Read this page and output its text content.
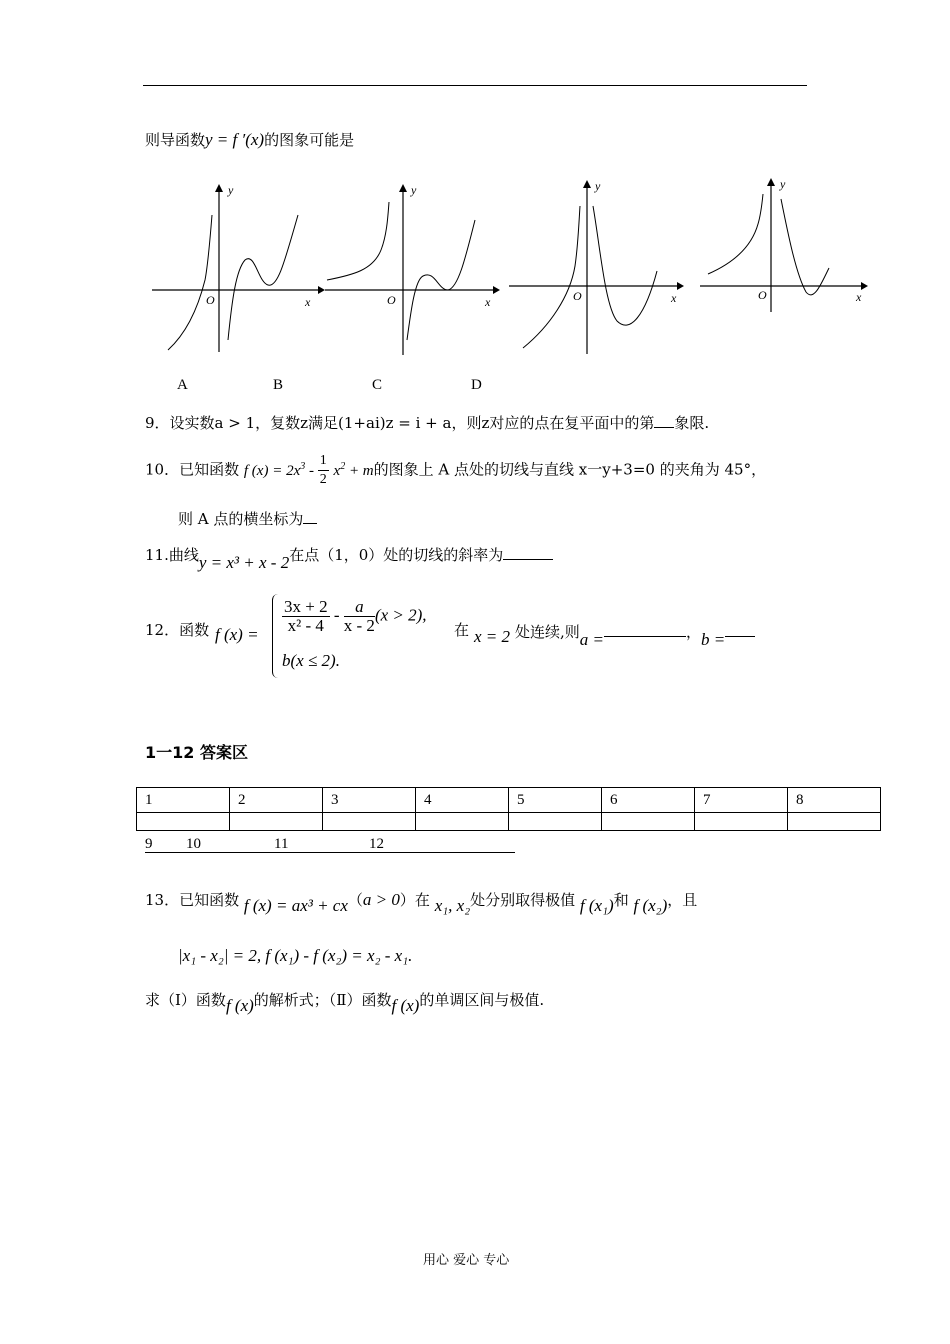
则导函数y = f ′(x)的图象可能是
y
x
O
y
x
O
y
x
O
y
x
O
A	B	C	D
9．设实数a > 1，复数z满足(1+ai)z = i + a，则z对应的点在复平面中的第 象限.
10．已知函数 f $(x) = 2x^3 - \frac{1}{2} x^2 + m$的图象上 A 点处的切线与直线 x一y+3=0 的夹角为 45°，
则 A 点的横坐标为
11.曲线y = x³ + x - 2在点（1，0）处的切线的斜率为
12．函数 f $(x) = \frac{3x + 2}{\text{x² - 4}} - \frac{a}{x - 2} (x > 2)$,
b(x ≤ 2).
在 x = 2 处连续,则a =	，b =
1一12 答案区
1	2	3	4	5	6	7	8

9 10	11	12
13．已知函数 f (x) = ax³ + cx（a > 0）在 x₁, x₂处分别取得极值 f (x₁)和 f (x₂)，且
|x₁ - x₂| = 2, f (x₁) - f (x₂) = x₂ - x₁.
求（Ⅰ）函数f (x)的解析式；（Ⅱ）函数f (x)的单调区间与极值.
用心 爱心 专心
